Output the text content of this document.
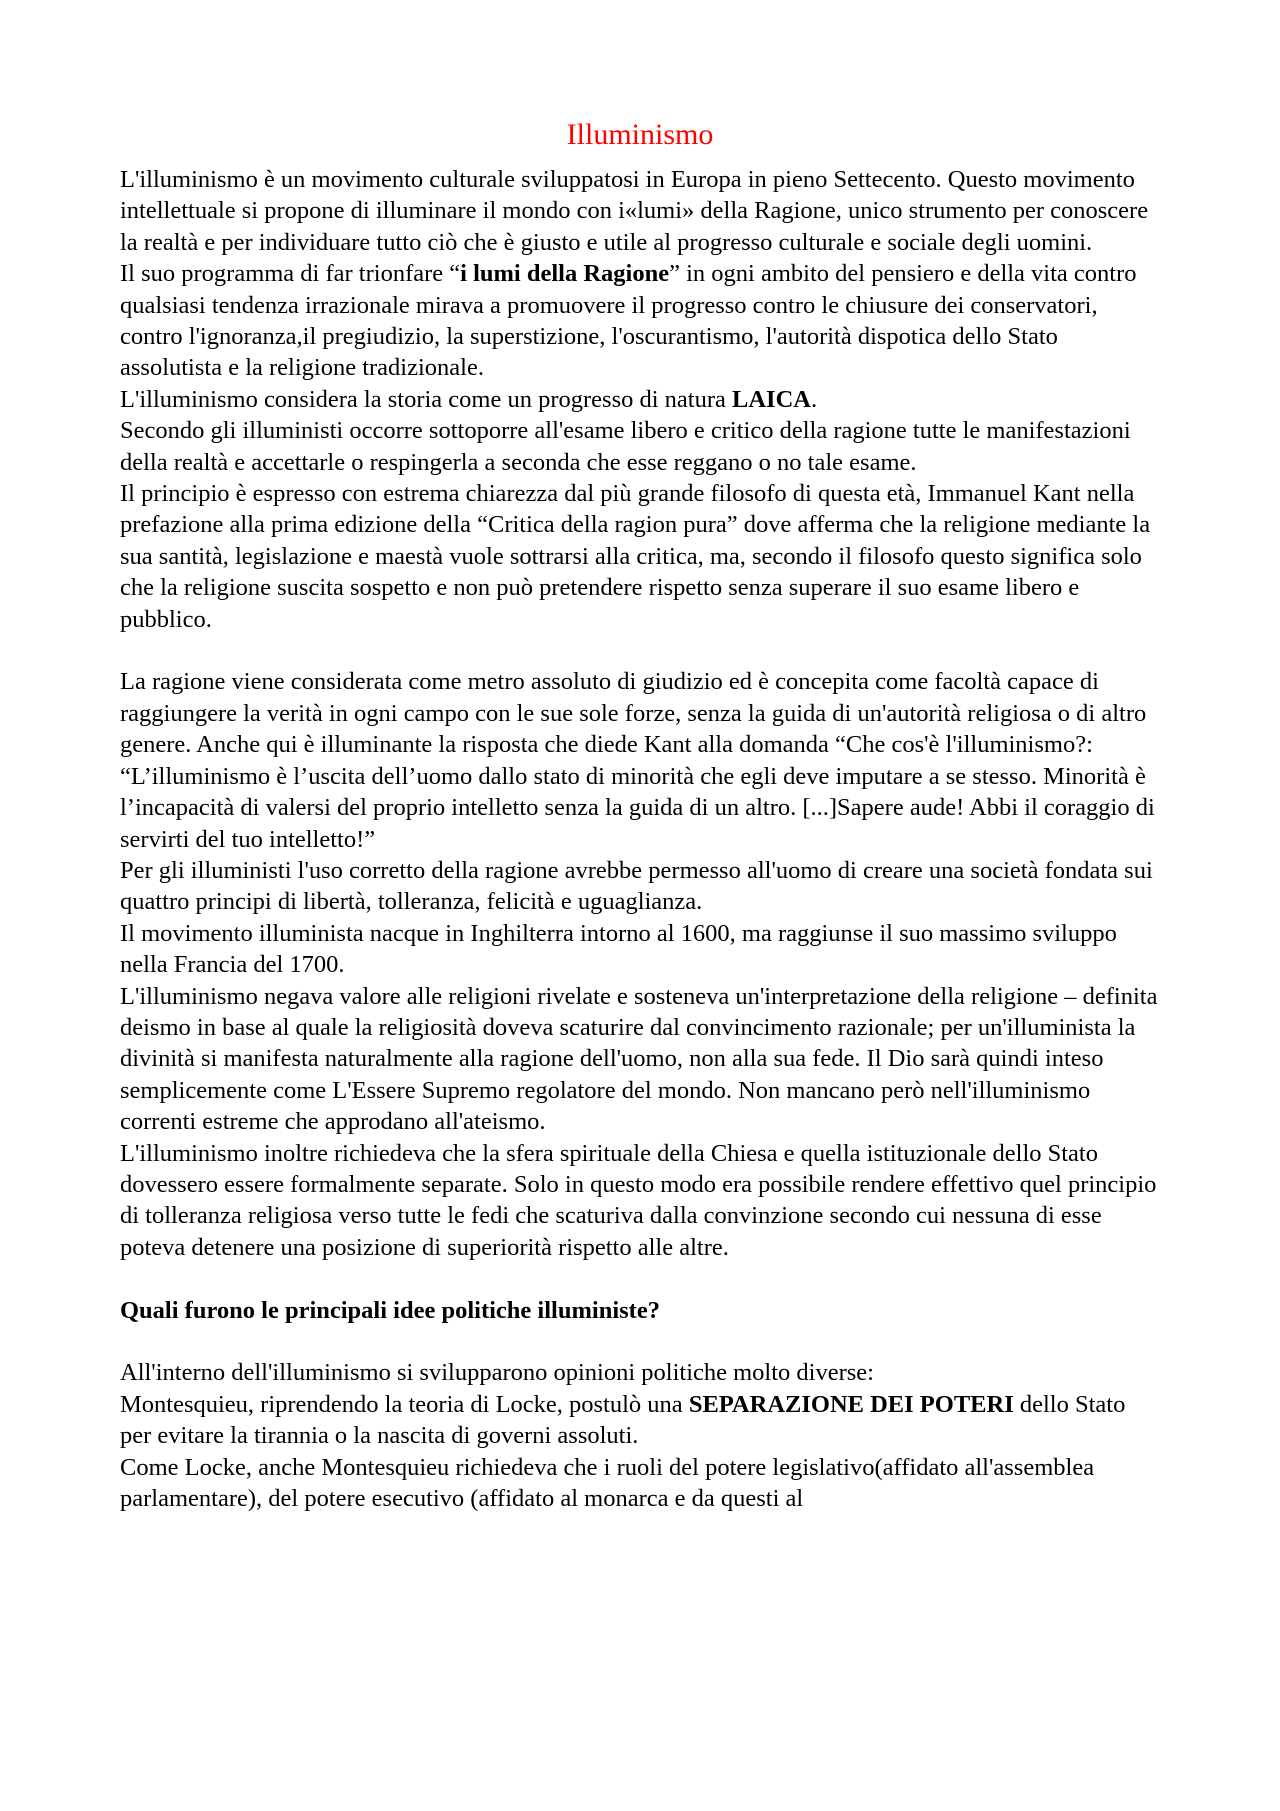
Illuminismo

L'illuminismo è un movimento culturale sviluppatosi in Europa in pieno Settecento. Questo movimento intellettuale si propone di illuminare il mondo con i«lumi» della Ragione, unico strumento per conoscere la realtà e per individuare tutto ciò che è giusto e utile al progresso culturale e sociale degli uomini.

Il suo programma di far trionfare “i lumi della Ragione” in ogni ambito del pensiero e della vita contro qualsiasi tendenza irrazionale mirava a promuovere il progresso contro le chiusure dei conservatori, contro l'ignoranza,il pregiudizio, la superstizione, l'oscurantismo, l'autorità dispotica dello Stato assolutista e la religione tradizionale.

L'illuminismo considera la storia come un progresso di natura LAICA.

Secondo gli illuministi occorre sottoporre all'esame libero e critico della ragione tutte le manifestazioni della realtà e accettarle o respingerla a seconda che esse reggano o no tale esame.

Il principio è espresso con estrema chiarezza dal più grande filosofo di questa età, Immanuel Kant nella prefazione alla prima edizione della “Critica della ragion pura” dove afferma che la religione mediante la sua santità, legislazione e maestà vuole sottrarsi alla critica, ma, secondo il filosofo questo significa solo che la religione suscita sospetto e non può pretendere rispetto senza superare il suo esame libero e pubblico.

La ragione viene considerata come metro assoluto di giudizio ed è concepita come facoltà capace di raggiungere la verità in ogni campo con le sue sole forze, senza la guida di un'autorità religiosa o di altro genere. Anche qui è illuminante la risposta che diede Kant alla domanda “Che cos'è l'illuminismo?: “L’illuminismo è l’uscita dell’uomo dallo stato di minorità che egli deve imputare a se stesso. Minorità è l’incapacità di valersi del proprio intelletto senza la guida di un altro. [...]Sapere aude! Abbi il coraggio di servirti del tuo intelletto!”

Per gli illuministi l'uso corretto della ragione avrebbe permesso all'uomo di creare una società fondata sui quattro principi di libertà, tolleranza, felicità e uguaglianza.

Il movimento illuminista nacque in Inghilterra intorno al 1600, ma raggiunse il suo massimo sviluppo nella Francia del 1700.

L'illuminismo negava valore alle religioni rivelate e sosteneva un'interpretazione della religione – definita deismo in base al quale la religiosità doveva scaturire dal convincimento razionale; per un'illuminista la divinità si manifesta naturalmente alla ragione dell'uomo, non alla sua fede. Il Dio sarà quindi inteso semplicemente come L'Essere Supremo regolatore del mondo. Non mancano però nell'illuminismo correnti estreme che approdano all'ateismo.

L'illuminismo inoltre richiedeva che la sfera spirituale della Chiesa e quella istituzionale dello Stato dovessero essere formalmente separate. Solo in questo modo era possibile rendere effettivo quel principio di tolleranza religiosa verso tutte le fedi che scaturiva dalla convinzione secondo cui nessuna di esse poteva detenere una posizione di superiorità rispetto alle altre.

Quali furono le principali idee politiche illuministe?

All'interno dell'illuminismo si svilupparono opinioni politiche molto diverse:

Montesquieu, riprendendo la teoria di Locke, postulò una SEPARAZIONE DEI POTERI dello Stato per evitare la tirannia o la nascita di governi assoluti.

Come Locke, anche Montesquieu richiedeva che i ruoli del potere legislativo(affidato all'assemblea parlamentare), del potere esecutivo (affidato al monarca e da questi al
